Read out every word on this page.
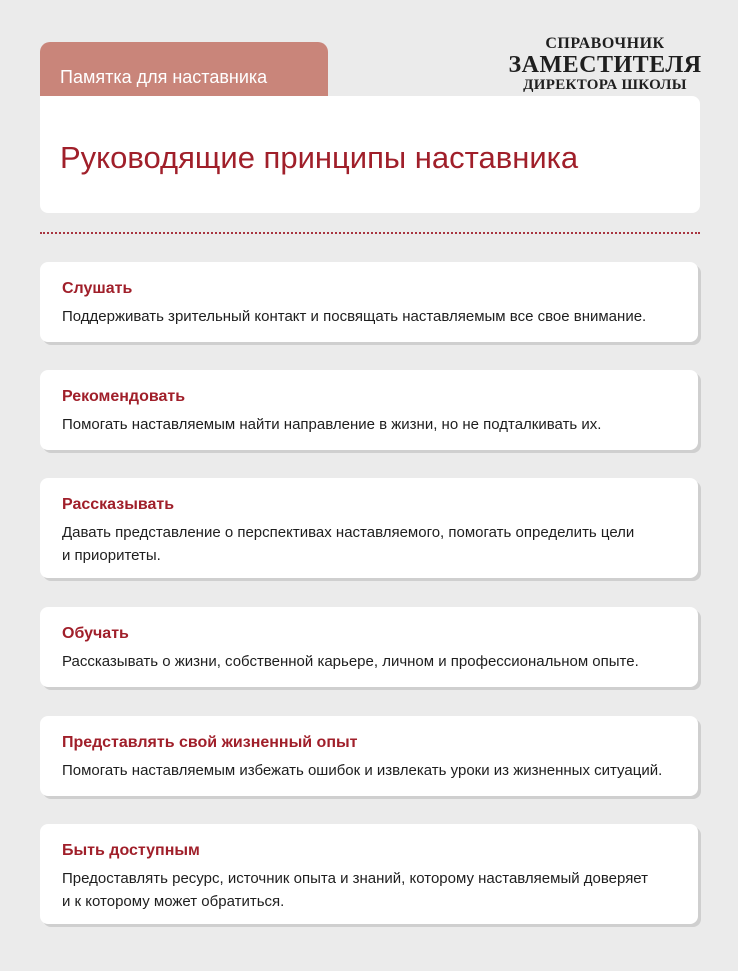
Памятка для наставника
СПРАВОЧНИК
ЗАМЕСТИТЕЛЯ
ДИРЕКТОРА ШКОЛЫ
Руководящие принципы наставника
Слушать
Поддерживать зрительный контакт и посвящать наставляемым все свое внимание.
Рекомендовать
Помогать наставляемым найти направление в жизни, но не подталкивать их.
Рассказывать
Давать представление о перспективах наставляемого, помогать определить цели
и приоритеты.
Обучать
Рассказывать о жизни, собственной карьере, личном и профессиональном опыте.
Представлять свой жизненный опыт
Помогать наставляемым избежать ошибок и извлекать уроки из жизненных ситуаций.
Быть доступным
Предоставлять ресурс, источник опыта и знаний, которому наставляемый доверяет
и к которому может обратиться.
